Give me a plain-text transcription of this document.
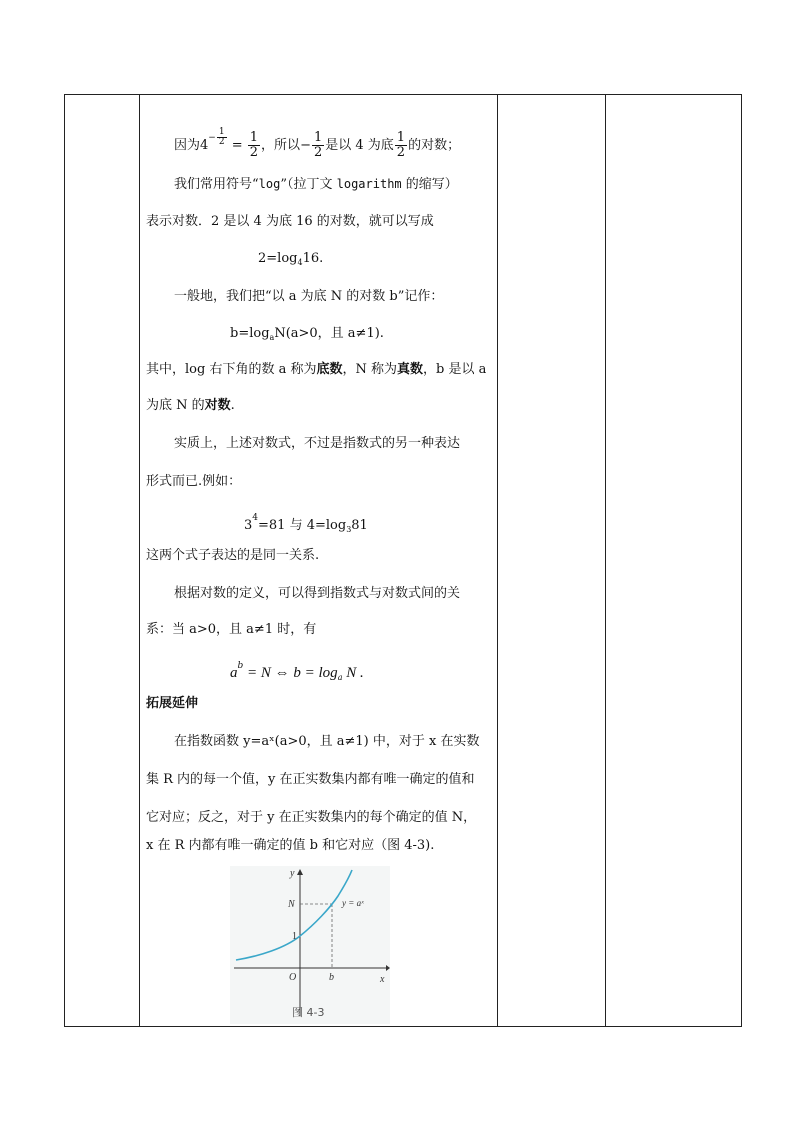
因为$4^{- \frac{1}{2}} = \frac{1}{2}$ ，所以− $\frac{1}{2}$ 是以 4 为底 $\frac{1}{2}$ 的对数；
我们常用符号“log”（拉丁文 logarithm 的缩写）
表示对数．2 是以 4 为底 16 的对数，就可以写成
$2=\log_416$.
一般地，我们把“以 a 为底 N 的对数 b”记作：
$b=\log_aN(a>0$，且 a≠1).
其中，log 右下角的数 a 称为底数，N 称为真数，b 是以 a
为底 N 的对数.
实质上，上述对数式，不过是指数式的另一种表达
形式而已.例如：
$3^4=81$ 与 $4=\log_381$
这两个式子表达的是同一关系.
根据对数的定义，可以得到指数式与对数式间的关
系：当 a>0，且 a≠1 时，有
$a^b = N$ ⇔ $b = \log_a N$ .
拓展延伸
在指数函数 y=aˣ(a>0，且 a≠1) 中，对于 x 在实数
集 R 内的每一个值，y 在正实数集内都有唯一确定的值和
它对应；反之，对于 y 在正实数集内的每个确定的值 N，
x 在 R 内都有唯一确定的值 b 和它对应（图 4-3).
y
x
O
N
1
b
y = aˣ
图 4-3
